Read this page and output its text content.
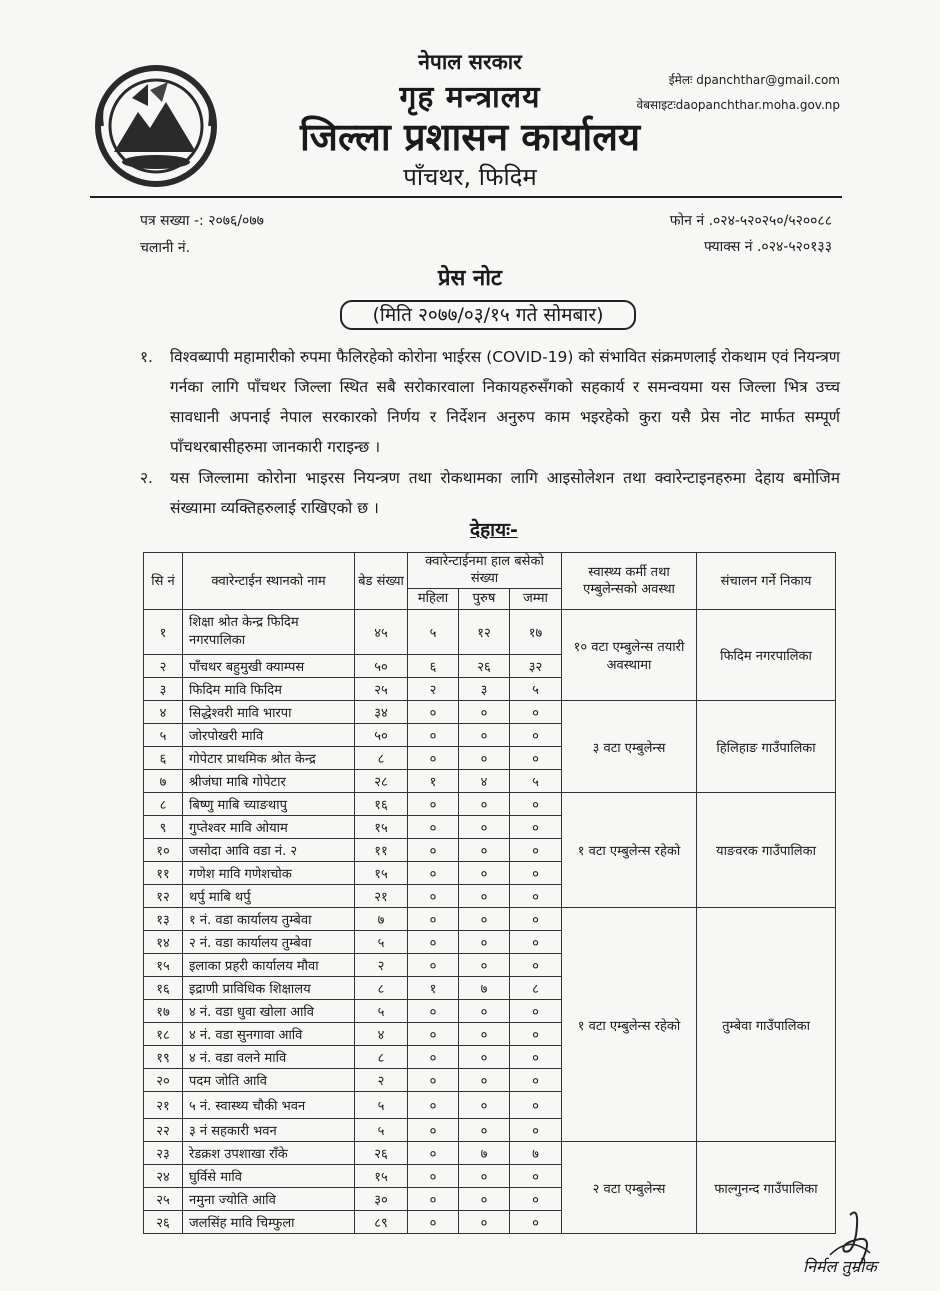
नेपाल सरकार
गृह मन्त्रालय
जिल्ला प्रशासन कार्यालय
पाँचथर, फिदिम
ईमेलः dpanchthar@gmail.com
वेबसाइटःdaopanchthar.moha.gov.np
पत्र सख्या -: २०७६/०७७
चलानी नं.
फोन नं .०२४-५२०२५०/५२००८८
फ्याक्स नं .०२४-५२०१३३
प्रेस नोट
(मिति २०७७/०३/१५ गते सोमबार)
१. विश्वब्यापी महामारीको रुपमा फैलिरहेको कोरोना भाईरस (COVID-19) को संभावित संक्रमणलाई रोकथाम एवं नियन्त्रण गर्नका लागि पाँचथर जिल्ला स्थित सबै सरोकारवाला निकायहरुसँगको सहकार्य र समन्वयमा यस जिल्ला भित्र उच्च सावधानी अपनाई नेपाल सरकारको निर्णय र निर्देशन अनुरुप काम भइरहेको कुरा यसै प्रेस नोट मार्फत सम्पूर्ण पाँचथरबासीहरुमा जानकारी गराइन्छ ।
२. यस जिल्लामा कोरोना भाइरस नियन्त्रण तथा रोकथामका लागि आइसोलेशन तथा क्वारेन्टाइनहरुमा देहाय बमोजिम संख्यामा व्यक्तिहरुलाई राखिएको छ ।
देहायः-
सि नं	क्वारेन्टाईन स्थानको नाम	बेड संख्या	क्वारेन्टाईनमा हाल बसेको संख्या			स्वास्थ्य कर्मी तथा एम्बुलेन्सको अवस्था	संचालन गर्ने निकाय
			महिला	पुरुष	जम्मा		
१	शिक्षा श्रोत केन्द्र फिदिम नगरपालिका	४५	५	१२	१७	१० वटा एम्बुलेन्स तयारी अवस्थामा	फिदिम नगरपालिका
२	पाँचथर बहुमुखी क्याम्पस	५०	६	२६	३२		
३	फिदिम मावि फिदिम	२५	२	३	५		
४	सिद्धेश्वरी मावि भारपा	३४	०	०	०	३ वटा एम्बुलेन्स	हिलिहाङ गाउँपालिका
५	जोरपोखरी मावि	५०	०	०	०		
६	गोपेटार प्राथमिक श्रोत केन्द्र	८	०	०	०		
७	श्रीजंघा माबि गोपेटार	२८	१	४	५		
८	बिष्णु माबि च्याङथापु	१६	०	०	०	१ वटा एम्बुलेन्स रहेको	याङवरक गाउँपालिका
९	गुप्तेश्वर मावि ओयाम	१५	०	०	०		
१०	जसोदा आवि वडा नं. २	११	०	०	०		
११	गणेश मावि गणेशचोक	१५	०	०	०		
१२	थर्पु माबि थर्पु	२१	०	०	०		
१३	१ नं. वडा कार्यालय तुम्बेवा	७	०	०	०	१ वटा एम्बुलेन्स रहेको	तुम्बेवा गाउँपालिका
१४	२ नं. वडा कार्यालय तुम्बेवा	५	०	०	०		
१५	इलाका प्रहरी कार्यालय मौवा	२	०	०	०		
१६	इद्राणी प्राविधिक शिक्षालय	८	१	७	८		
१७	४ नं. वडा धुवा खोला आवि	५	०	०	०		
१८	४ नं. वडा सुनगावा आवि	४	०	०	०		
१९	४ नं. वडा वलने मावि	८	०	०	०		
२०	पदम जोति आवि	२	०	०	०		
२१	५ नं. स्वास्थ्य चौकी भवन	५	०	०	०		
२२	३ नं सहकारी भवन	५	०	०	०		
२३	रेडक्रश उपशाखा राँके	२६	०	७	७	२ वटा एम्बुलेन्स	फाल्गुनन्द गाउँपालिका
२४	घुर्विसे मावि	१५	०	०	०		
२५	नमुना ज्योति आवि	३०	०	०	०		
२६	जलसिंह मावि चिम्फुला	८९	०	०	०		
निर्मल तुम्रोक
